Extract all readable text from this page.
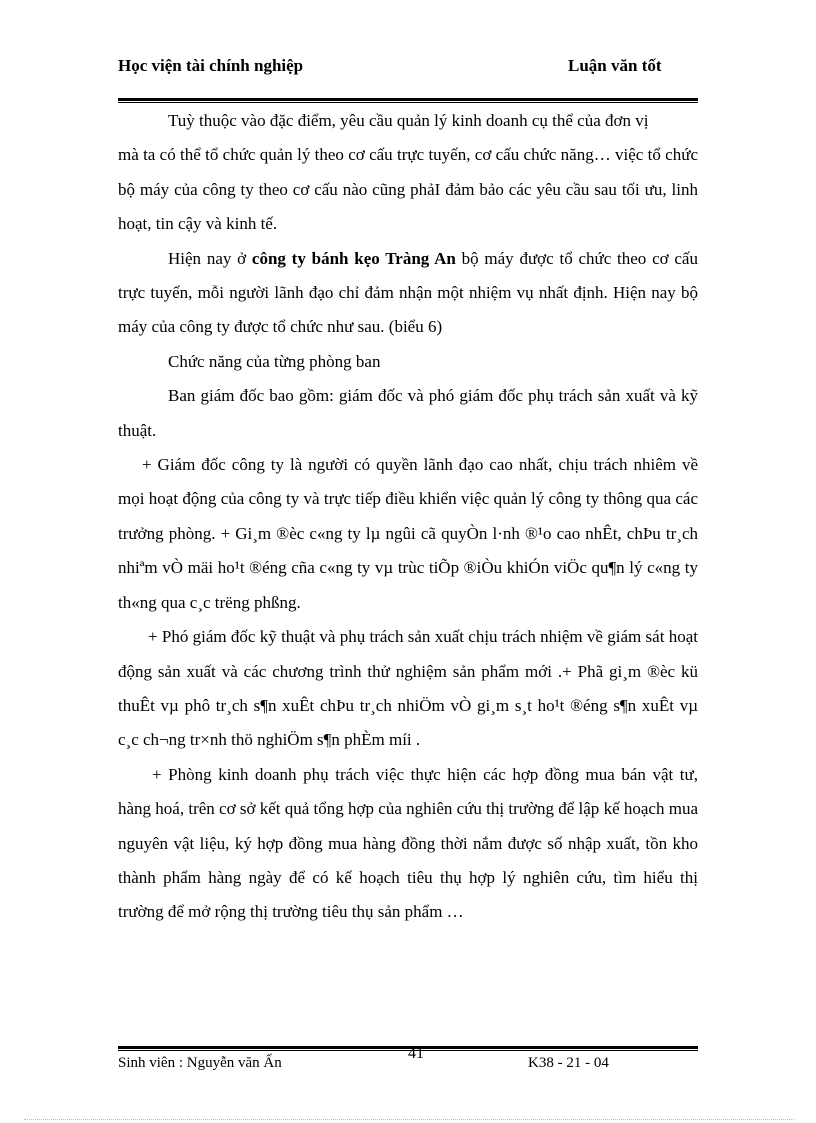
Học viện tài chính nghiệp	Luận văn tốt

Tuỳ thuộc vào đặc điểm, yêu cầu quản lý kinh doanh cụ thể của đơn vị

mà ta có thể tổ chức quản lý theo cơ cấu trực tuyến, cơ cấu chức năng… việc tổ chức bộ máy của công ty theo cơ cấu nào cũng phảI đảm bảo các yêu cầu sau tối ưu, linh hoạt, tin cậy và kinh tế.

Hiện nay ở công ty bánh kẹo Tràng An bộ máy được tổ chức theo cơ cấu trực tuyến, mỗi người lãnh đạo chỉ đảm nhận một nhiệm vụ nhất định. Hiện nay bộ máy của công ty được tổ chức như sau. (biểu 6)

Chức năng của từng phòng ban

Ban giám đốc bao gồm: giám đốc và phó giám đốc phụ trách sản xuất và kỹ thuật.

+ Giám đốc công ty là người có quyền lãnh đạo cao nhất, chịu trách nhiêm về mọi hoạt động của công ty và trực tiếp điều khiển việc quản lý công ty thông qua các trưởng phòng. + Gi¸m ®èc c«ng ty lµ ngûi cã quyÒn l·nh ®¹o cao nhÊt, chÞu tr¸ch nhiªm vÒ mäi ho¹t ®éng cña c«ng ty vµ trùc tiÕp ®iÒu khiÓn viÖc qu¶n lý c«ng ty th«ng qua c¸c trëng phßng.

+ Phó giám đốc kỹ thuật và phụ trách sản xuất chịu trách nhiệm về giám sát hoạt động sản xuất và các chương trình thử nghiệm sản phẩm mới .+ Phã gi¸m ®èc kü thuÊt vµ phô tr¸ch s¶n xuÊt chÞu tr¸ch nhiÖm vÒ gi¸m s¸t ho¹t ®éng s¶n xuÊt vµ c¸c ch¬ng tr×nh thö nghiÖm s¶n phÈm míi .

+ Phòng kinh doanh phụ trách việc thực hiện các hợp đồng mua bán vật tư, hàng hoá, trên cơ sở kết quả tổng hợp của nghiên cứu thị trường để lập kế hoạch mua nguyên vật liệu, ký hợp đồng mua hàng đồng thời nắm được số nhập xuất, tồn kho thành phẩm hàng ngày để có kế hoạch tiêu thụ hợp lý nghiên cứu, tìm hiểu thị trường để mở rộng thị trường tiêu thụ sản phẩm …

Sinh viên : Nguyễn văn Ấn
41
K38 - 21 - 04
